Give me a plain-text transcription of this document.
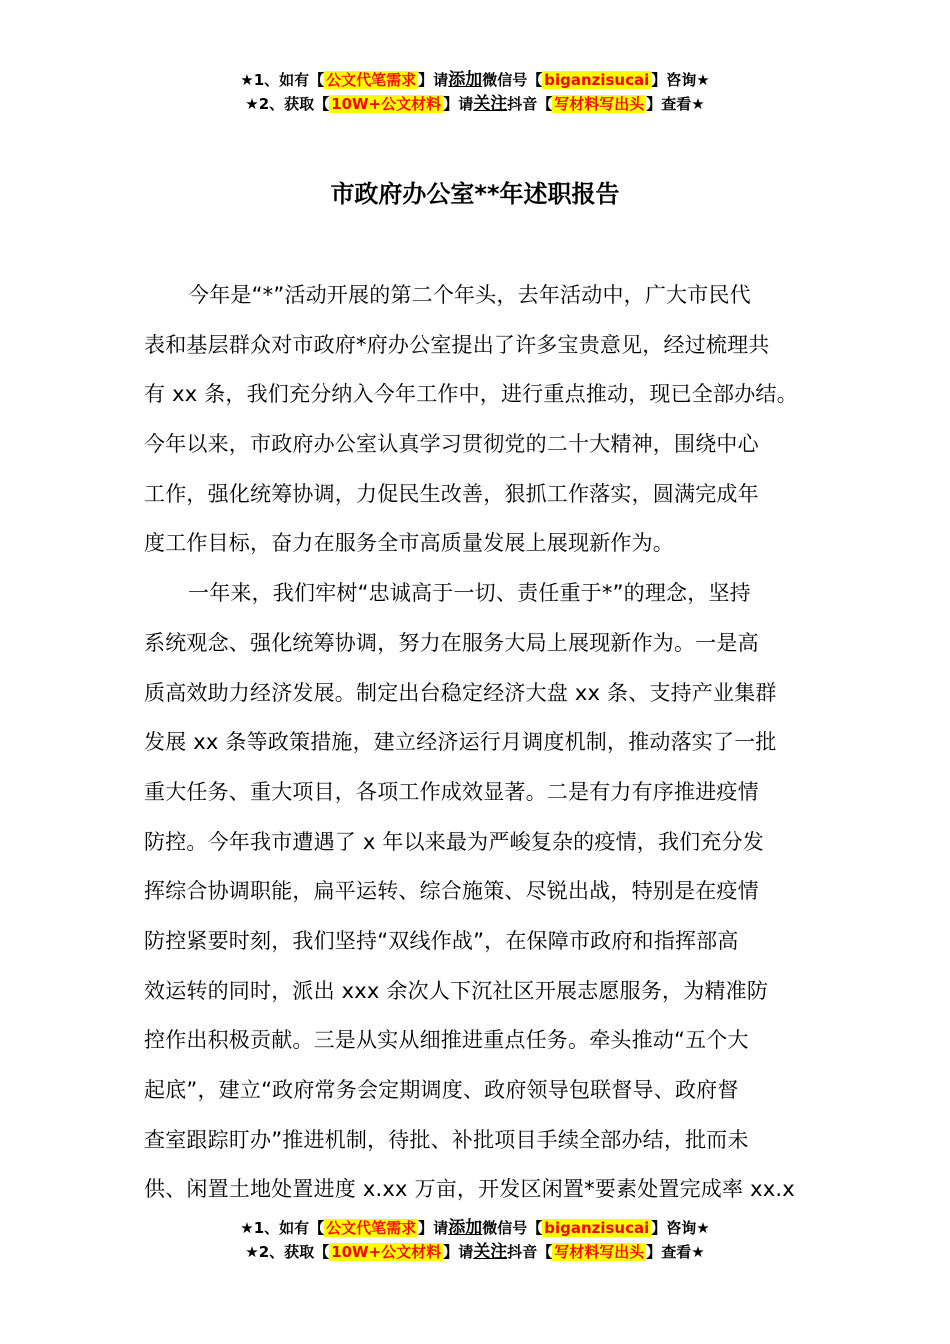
★1、如有【 公文代笔需求 】请添加微信号【 biganzisucai 】咨询★
★2、获取【 10W+公文材料 】请关注抖音【 写材料写出头 】查看★
市政府办公室**年述职报告
今年是“*”活动开展的第二个年头，去年活动中，广大市民代
表和基层群众对市政府*府办公室提出了许多宝贵意见，经过梳理共
有 xx 条，我们充分纳入今年工作中，进行重点推动，现已全部办结。
今年以来，市政府办公室认真学习贯彻党的二十大精神，围绕中心
工作，强化统筹协调，力促民生改善，狠抓工作落实，圆满完成年
度工作目标，奋力在服务全市高质量发展上展现新作为。
一年来，我们牢树“忠诚高于一切、责任重于*”的理念，坚持
系统观念、强化统筹协调，努力在服务大局上展现新作为。一是高
质高效助力经济发展。制定出台稳定经济大盘 xx 条、支持产业集群
发展 xx 条等政策措施，建立经济运行月调度机制，推动落实了一批
重大任务、重大项目，各项工作成效显著。二是有力有序推进疫情
防控。今年我市遭遇了 x 年以来最为严峻复杂的疫情，我们充分发
挥综合协调职能，扁平运转、综合施策、尽锐出战，特别是在疫情
防控紧要时刻，我们坚持“双线作战”，在保障市政府和指挥部高
效运转的同时，派出 xxx 余次人下沉社区开展志愿服务，为精准防
控作出积极贡献。三是从实从细推进重点任务。牵头推动“五个大
起底”，建立“政府常务会定期调度、政府领导包联督导、政府督
查室跟踪盯办”推进机制，待批、补批项目手续全部办结，批而未
供、闲置土地处置进度 x.xx 万亩，开发区闲置*要素处置完成率 xx.x
★1、如有【 公文代笔需求 】请添加微信号【 biganzisucai 】咨询★
★2、获取【 10W+公文材料 】请关注抖音【 写材料写出头 】查看★
